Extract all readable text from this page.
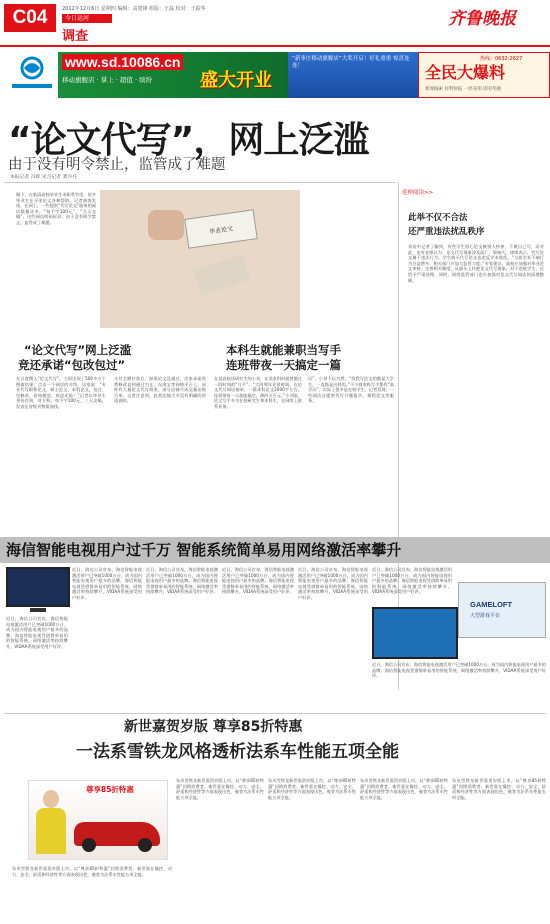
C04	2012年12月6日 星期四 编辑：高建锋 组版：王磊 校对：王振华
今日运河
调查
齐鲁晚报
www.sd.10086.cn
移动旗舰店 · 掌上 · 超值 · 缤纷	盛大开业
“新枣庄移动旗舰店”大奖开启！好礼重重 惊喜连连！
热线：0632-2627
全民大爆料
新闻线索 好料快报 一经采用 即有奖励
“论文代写”，网上泛滥
由于没有明令禁止，监管成了难题
本报记者 冯辉 见习记者 龚丹丹
眼下，在临清高校毕业生求职季节里，很多毕业生在寻求论文各种帮助。记者调查发现，在网上，一些提供“代写论文”服务的网店数量众多。“每千字100元”，“当天交稿”，这些网店明码标价。由于没有明令禁止，监管成了难题。
毕业论文
“论文代写”网上泛滥
竞还承诺“包改包过”
本科生就能兼职当写手
连班带夜一天搞定一篇
在百度搜入“论文代写”，立即出现了500多万个搜索结果，点击一个网店的介绍，店家说：“专业代写职称论文、硕士论文、本科论文，包过、包修改，价格便宜，欢迎光临！”记者以毕业生身份咨询，对方称，每千字100元，三天交稿，发表在省级刊物需加钱。
支付全额付款后，如果论文没通过，店家承诺免费修改直到通过为止。在淘宝等网购平台上，同样有大量论文代写商家，部分店铺月成交量达数百单。记者注意到，此类店铺大多没有明确的资质说明。
在某高校读研究生的小刘，在读本科时就曾做过一段时间的“写手”。“大四那年业余时间，在论文代写网店接单，一篇本科论文2000字左右，连班带夜一天就能搞定，挣四五百元。”小刘说，论文写手多为在校研究生和本科生，在网络上联系业务。
历”，小刘不以为然，“找我写论文的都是大学生，一直都是这样的。”不少商家称写手都有“高学历”，实际上很多是在校学生。记者发现，一些网店还提供代写开题报告、课程论文等服务。
延伸阅读>>
此举不仅不合法
还严重违法扰乱秩序
采访中记者了解到，有些学生担心论文被别人抄袭，不敢自己写，而对此，也有老师认为：论文代写现象涉及面广、影响大。律师表示，代写论文属于违法行为，学生购买代写论文也违反学术规范。“当前学术不端行为日益增多，相关部门应加大监管力度。”专家建议，高校应加强对毕业论文审核，完善相关制度，从源头上杜绝论文代写现象。对于违规学生，应给予严肃处理。同时，网络监管部门也应加强对论文代写网店的清理整顿。
海信智能电视用户过千万 智能系统简单易用网络激活率攀升
近日，海信公司宣布，海信智能电视激活用户已突破1000万台，成为国内智能电视用户最多的品牌。海信智能电视凭借简单易用的智能系统，网络激活率持续攀升，VIDAA系统深受用户好评。
近日，海信公司宣布，海信智能电视激活用户已突破1000万台，成为国内智能电视用户最多的品牌。海信智能电视凭借简单易用的智能系统，网络激活率持续攀升，VIDAA系统深受用户好评。
近日，海信公司宣布，海信智能电视激活用户已突破1000万台，成为国内智能电视用户最多的品牌。海信智能电视凭借简单易用的智能系统，网络激活率持续攀升，VIDAA系统深受用户好评。
近日，海信公司宣布，海信智能电视激活用户已突破1000万台，成为国内智能电视用户最多的品牌。海信智能电视凭借简单易用的智能系统，网络激活率持续攀升，VIDAA系统深受用户好评。
近日，海信公司宣布，海信智能电视激活用户已突破1000万台，成为国内智能电视用户最多的品牌。海信智能电视凭借简单易用的智能系统，网络激活率持续攀升，VIDAA系统深受用户好评。
近日，海信公司宣布，海信智能电视激活用户已突破1000万台，成为国内智能电视用户最多的品牌。海信智能电视凭借简单易用的智能系统，网络激活率持续攀升，VIDAA系统深受用户好评。
GAMELOFT
大型游戏平台
近日，海信公司宣布，海信智能电视激活用户已突破1000万台，成为国内智能电视用户最多的品牌。海信智能电视凭借简单易用的智能系统，网络激活率持续攀升，VIDAA系统深受用户好评。
新世嘉贺岁版 尊享85折特惠
一法系雪铁龙风格透析法系车性能五项全能
尊享85折特惠
东风雪铁龙新世嘉贺岁版上市，以“尊享85折特惠”回馈消费者。新世嘉在操控、动力、安全、舒适和经济性等方面表现出色，被誉为法系车性能五项全能。
东风雪铁龙新世嘉贺岁版上市，以“尊享85折特惠”回馈消费者。新世嘉在操控、动力、安全、舒适和经济性等方面表现出色，被誉为法系车性能五项全能。
东风雪铁龙新世嘉贺岁版上市，以“尊享85折特惠”回馈消费者。新世嘉在操控、动力、安全、舒适和经济性等方面表现出色，被誉为法系车性能五项全能。
东风雪铁龙新世嘉贺岁版上市，以“尊享85折特惠”回馈消费者。新世嘉在操控、动力、安全、舒适和经济性等方面表现出色，被誉为法系车性能五项全能。
东风雪铁龙新世嘉贺岁版上市，以“尊享85折特惠”回馈消费者。新世嘉在操控、动力、安全、舒适和经济性等方面表现出色，被誉为法系车性能五项全能。
